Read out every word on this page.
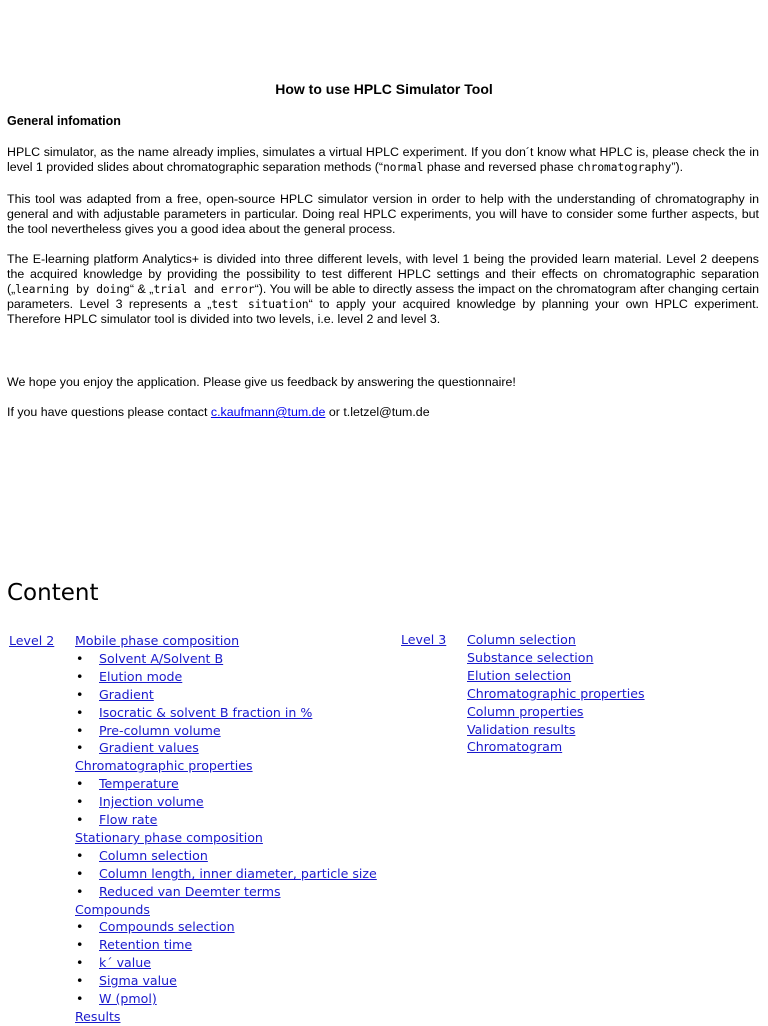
How to use HPLC Simulator Tool
General infomation
HPLC simulator, as the name already implies, simulates a virtual HPLC experiment. If you don´t know what HPLC is, please check the in level 1 provided slides about chromatographic separation methods (“normal phase and reversed phase chromatography”).
This tool was adapted from a free, open-source HPLC simulator version in order to help with the understanding of chromatography in general and with adjustable parameters in particular. Doing real HPLC experiments, you will have to consider some further aspects, but the tool nevertheless gives you a good idea about the general process.
The E-learning platform Analytics+ is divided into three different levels, with level 1 being the provided learn material. Level 2 deepens the acquired knowledge by providing the possibility to test different HPLC settings and their effects on chromatographic separation („learning by doing“ & „trial and error“). You will be able to directly assess the impact on the chromatogram after changing certain parameters. Level 3 represents a „test situation“ to apply your acquired knowledge by planning your own HPLC experiment. Therefore HPLC simulator tool is divided into two levels, i.e. level 2 and level 3.
We hope you enjoy the application. Please give us feedback by answering the questionnaire!
If you have questions please contact c.kaufmann@tum.de or t.letzel@tum.de
Content
Level 2 Mobile phase composition
• Solvent A/Solvent B
• Elution mode
• Gradient
• Isocratic & solvent B fraction in %
• Pre-column volume
• Gradient values
Chromatographic properties
• Temperature
• Injection volume
• Flow rate
Stationary phase composition
• Column selection
• Column length, inner diameter, particle size
• Reduced van Deemter terms
Compounds
• Compounds selection
• Retention time
• k´ value
• Sigma value
• W (pmol)
Results
Level 3 Column selection
Substance selection
Elution selection
Chromatographic properties
Column properties
Validation results
Chromatogram
